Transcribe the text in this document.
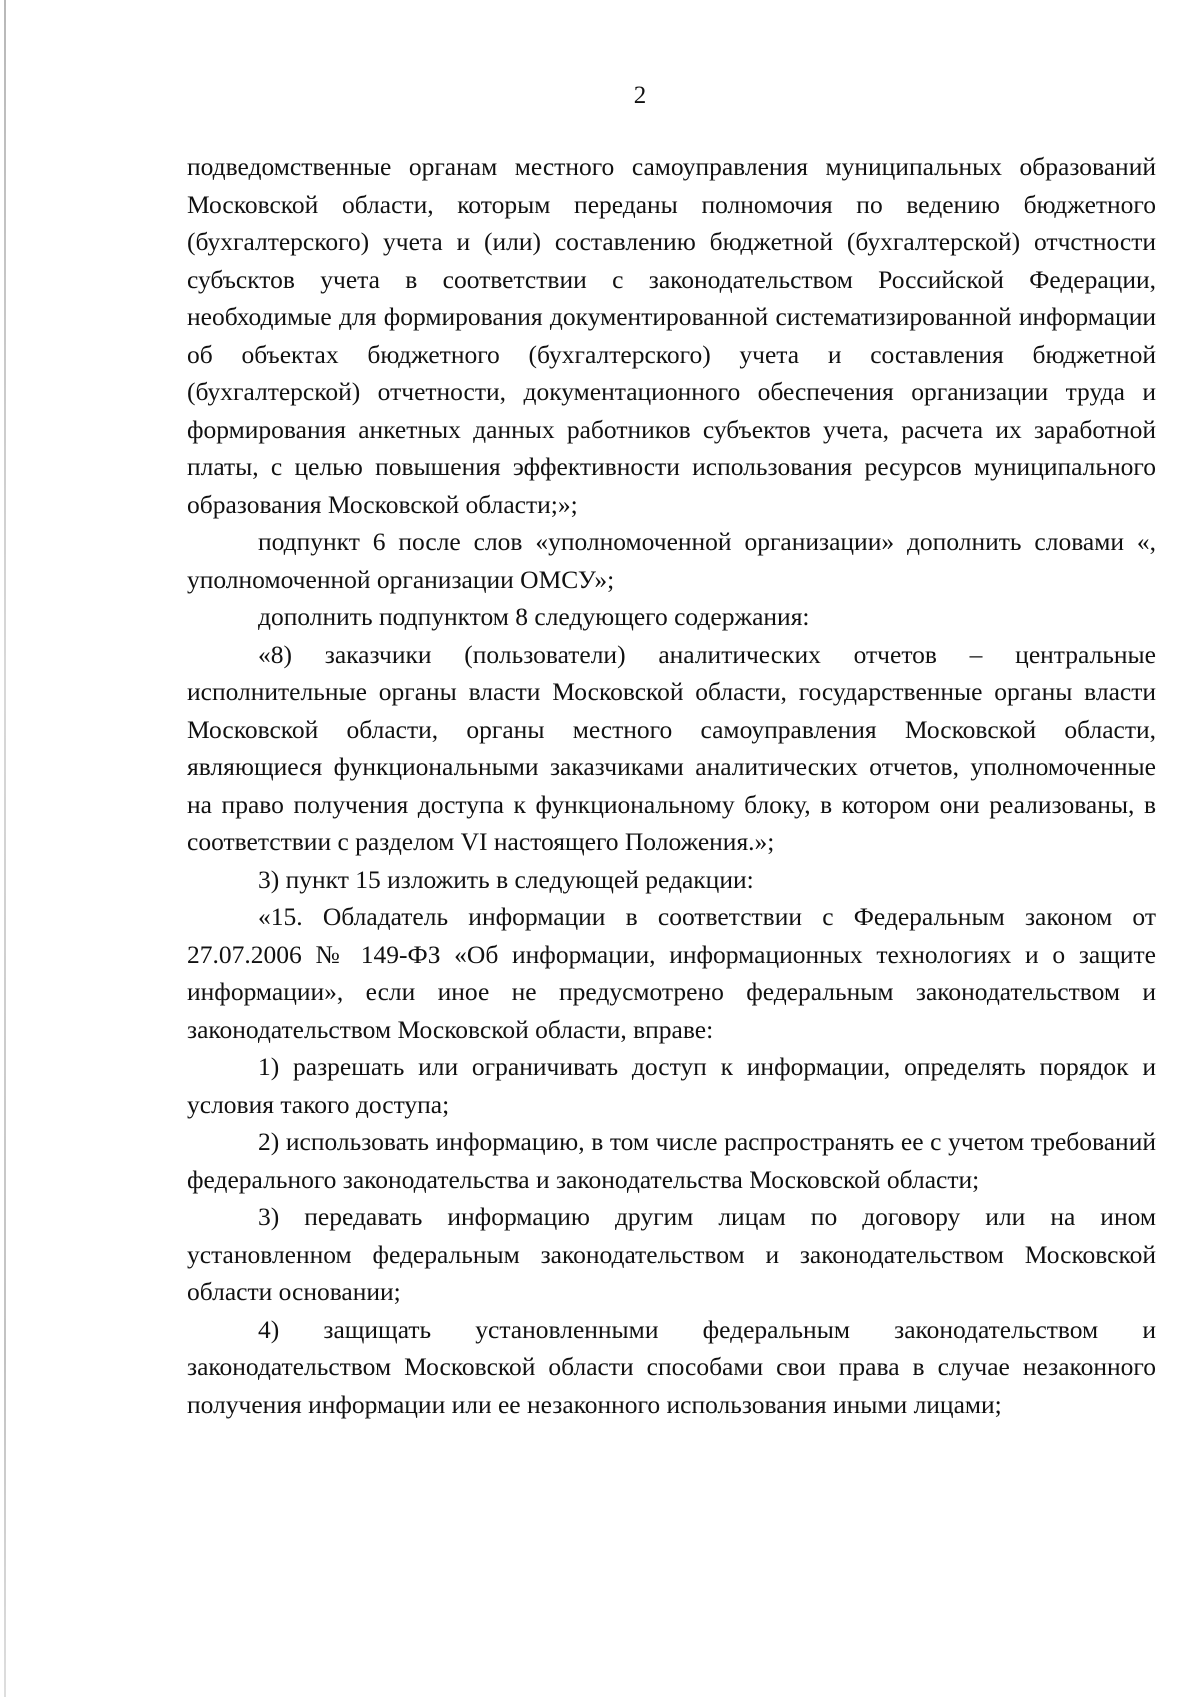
2

подведомственные органам местного самоуправления муниципальных образований Московской области, которым переданы полномочия по ведению бюджетного (бухгалтерского) учета и (или) составлению бюджетной (бухгалтерской) отчстности субъсктов учета в соответствии с законодательством Российской Федерации, необходимые для формирования документированной систематизированной информации об объектах бюджетного (бухгалтерского) учета и составления бюджетной (бухгалтерской) отчетности, документационного обеспечения организации труда и формирования анкетных данных работников субъектов учета, расчета их заработной платы, с целью повышения эффективности использования ресурсов муниципального образования Московской области;»;

подпункт 6 после слов «уполномоченной организации» дополнить словами «, уполномоченной организации ОМСУ»;

дополнить подпунктом 8 следующего содержания:

«8) заказчики (пользователи) аналитических отчетов – центральные исполнительные органы власти Московской области, государственные органы власти Московской области, органы местного самоуправления Московской области, являющиеся функциональными заказчиками аналитических отчетов, уполномоченные на право получения доступа к функциональному блоку, в котором они реализованы, в соответствии с разделом VI настоящего Положения.»;

3) пункт 15 изложить в следующей редакции:

«15. Обладатель информации в соответствии с Федеральным законом от 27.07.2006 № 149-ФЗ «Об информации, информационных технологиях и о защите информации», если иное не предусмотрено федеральным законодательством и законодательством Московской области, вправе:

1) разрешать или ограничивать доступ к информации, определять порядок и условия такого доступа;

2) использовать информацию, в том числе распространять ее с учетом требований федерального законодательства и законодательства Московской области;

3) передавать информацию другим лицам по договору или на ином установленном федеральным законодательством и законодательством Московской области основании;

4) защищать установленными федеральным законодательством и законодательством Московской области способами свои права в случае незаконного получения информации или ее незаконного использования иными лицами;
